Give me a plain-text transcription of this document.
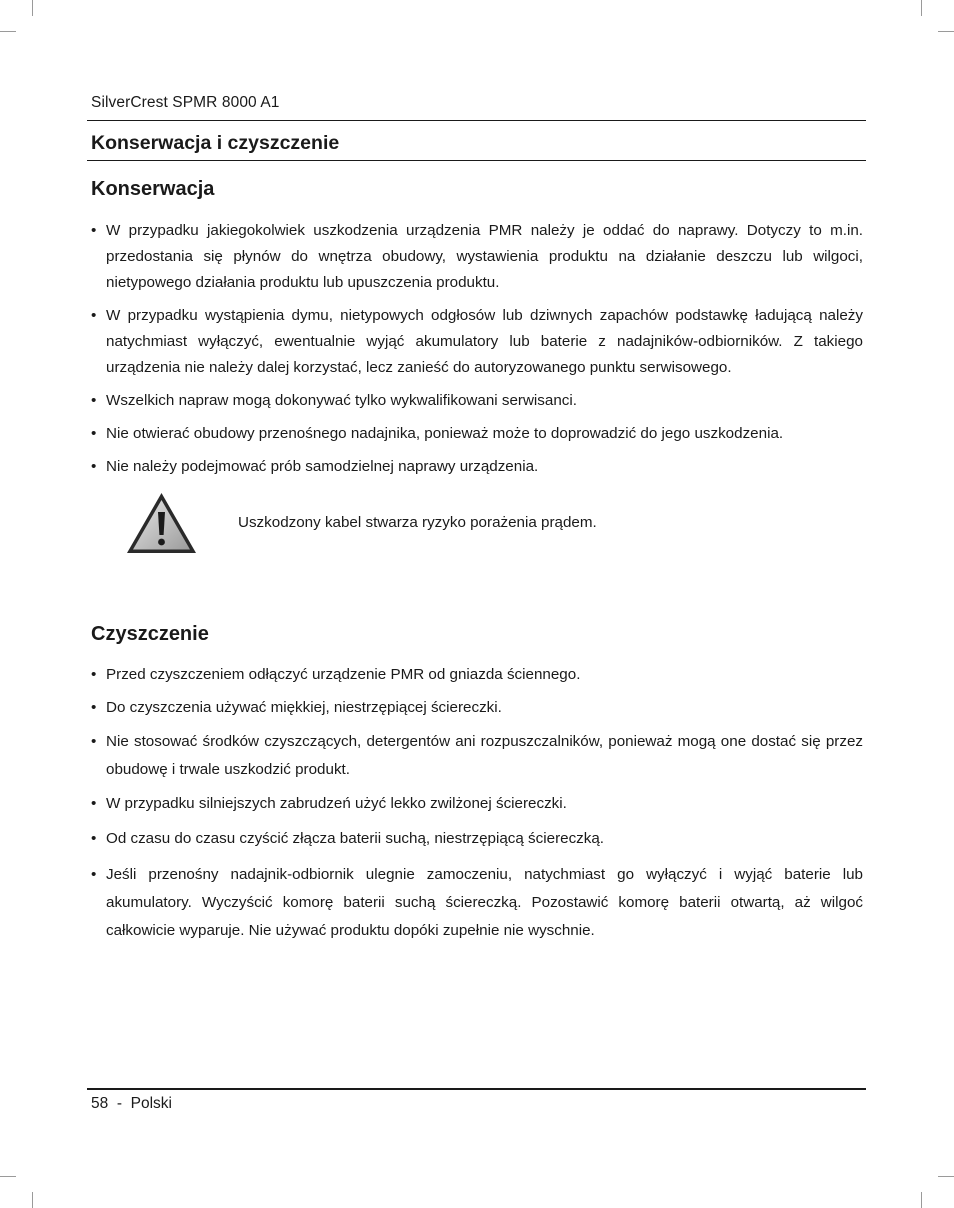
SilverCrest SPMR 8000 A1
Konserwacja i czyszczenie
Konserwacja
• W przypadku jakiegokolwiek uszkodzenia urządzenia PMR należy je oddać do naprawy. Dotyczy to m.in. przedostania się płynów do wnętrza obudowy, wystawienia produktu na działanie deszczu lub wilgoci, nietypowego działania produktu lub upuszczenia produktu.
• W przypadku wystąpienia dymu, nietypowych odgłosów lub dziwnych zapachów podstawkę ładującą należy natychmiast wyłączyć, ewentualnie wyjąć akumulatory lub baterie z nadajników-odbiorników. Z takiego urządzenia nie należy dalej korzystać, lecz zanieść do autoryzowanego punktu serwisowego.
• Wszelkich napraw mogą dokonywać tylko wykwalifikowani serwisanci.
• Nie otwierać obudowy przenośnego nadajnika, ponieważ może to doprowadzić do jego uszkodzenia.
• Nie należy podejmować prób samodzielnej naprawy urządzenia.
Uszkodzony kabel stwarza ryzyko porażenia prądem.
Czyszczenie
• Przed czyszczeniem odłączyć urządzenie PMR od gniazda ściennego.
• Do czyszczenia używać miękkiej, niestrzępiącej ściereczki.
• Nie stosować środków czyszczących, detergentów ani rozpuszczalników, ponieważ mogą one dostać się przez obudowę i trwale uszkodzić produkt.
• W przypadku silniejszych zabrudzeń użyć lekko zwilżonej ściereczki.
• Od czasu do czasu czyścić złącza baterii suchą, niestrzępiącą ściereczką.
• Jeśli przenośny nadajnik-odbiornik ulegnie zamoczeniu, natychmiast go wyłączyć i wyjąć baterie lub akumulatory. Wyczyścić komorę baterii suchą ściereczką. Pozostawić komorę baterii otwartą, aż wilgoć całkowicie wyparuje. Nie używać produktu dopóki zupełnie nie wyschnie.
58  -  Polski
